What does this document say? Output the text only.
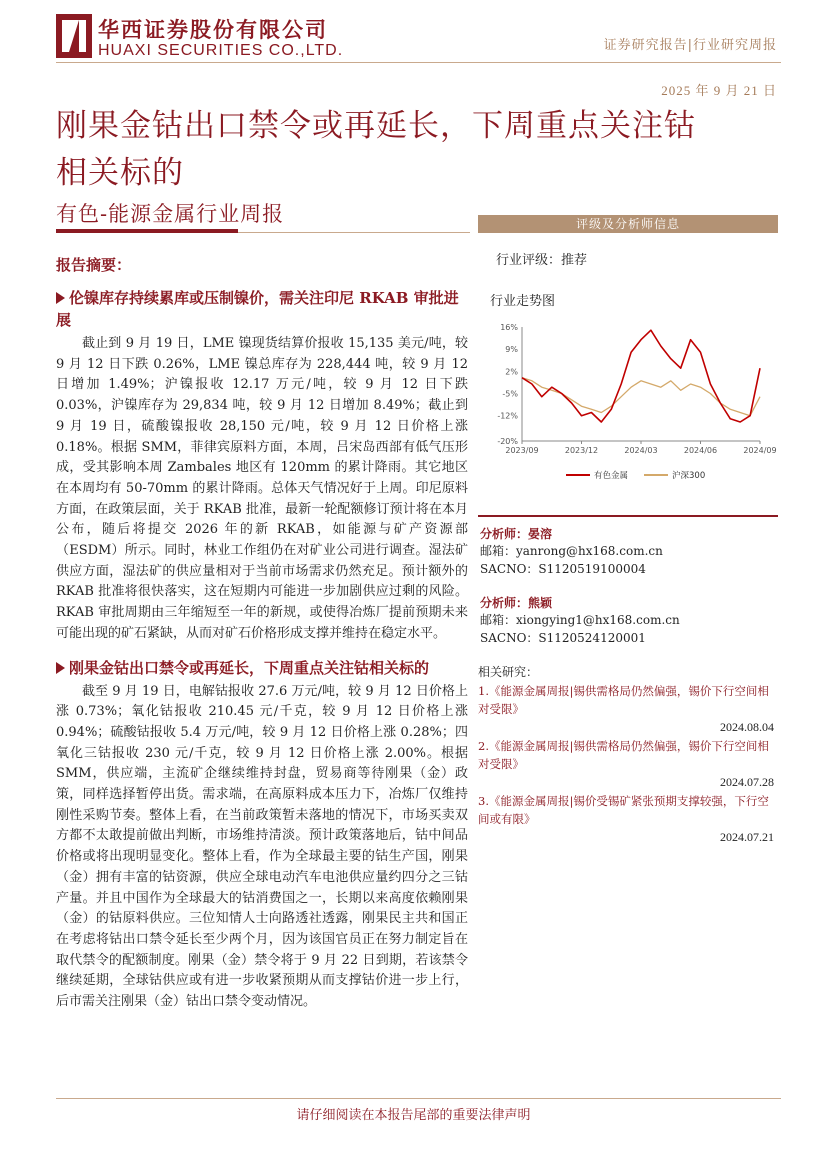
华西证券股份有限公司
HUAXI SECURITIES CO.,LTD.	证券研究报告|行业研究周报
2025 年 9 月 21 日
刚果金钴出口禁令或再延长，下周重点关注钴
相关标的
有色-能源金属行业周报
报告摘要：
伦镍库存持续累库或压制镍价，需关注印尼 RKAB 审批进展

截止到 9 月 19 日，LME 镍现货结算价报收 15,135 美元/吨，较 9 月 12 日下跌 0.26%，LME 镍总库存为 228,444 吨，较 9 月 12 日增加 1.49%；沪镍报收 12.17 万元/吨，较 9 月 12 日下跌 0.03%，沪镍库存为 29,834 吨，较 9 月 12 日增加 8.49%；截止到 9 月 19 日，硫酸镍报收 28,150 元/吨，较 9 月 12 日价格上涨 0.18%。根据 SMM，菲律宾原料方面，本周，吕宋岛西部有低气压形成，受其影响本周 Zambales 地区有 120mm 的累计降雨。其它地区在本周均有 50-70mm 的累计降雨。总体天气情况好于上周。印尼原料方面，在政策层面，关于 RKAB 批准，最新一轮配额修订预计将在本月公布，随后将提交 2026 年的新 RKAB，如能源与矿产资源部（ESDM）所示。同时，林业工作组仍在对矿业公司进行调查。湿法矿供应方面，湿法矿的供应量相对于当前市场需求仍然充足。预计额外的 RKAB 批准将很快落实，这在短期内可能进一步加剧供应过剩的风险。RKAB 审批周期由三年缩短至一年的新规，或使得冶炼厂提前预期未来可能出现的矿石紧缺，从而对矿石价格形成支撑并维持在稳定水平。

刚果金钴出口禁令或再延长，下周重点关注钴相关标的

截至 9 月 19 日，电解钴报收 27.6 万元/吨，较 9 月 12 日价格上涨 0.73%；氧化钴报收 210.45 元/千克，较 9 月 12 日价格上涨 0.94%；硫酸钴报收 5.4 万元/吨，较 9 月 12 日价格上涨 0.28%；四氧化三钴报收 230 元/千克，较 9 月 12 日价格上涨 2.00%。根据 SMM，供应端，主流矿企继续维持封盘，贸易商等待刚果（金）政策，同样选择暂停出货。需求端，在高原料成本压力下，冶炼厂仅维持刚性采购节奏。整体上看，在当前政策暂未落地的情况下，市场买卖双方都不太敢提前做出判断，市场维持清淡。预计政策落地后，钴中间品价格或将出现明显变化。整体上看，作为全球最主要的钴生产国，刚果（金）拥有丰富的钴资源，供应全球电动汽车电池供应量约四分之三钴产量。并且中国作为全球最大的钴消费国之一，长期以来高度依赖刚果（金）的钴原料供应。三位知情人士向路透社透露，刚果民主共和国正在考虑将钴出口禁令延长至少两个月，因为该国官员正在努力制定旨在取代禁令的配额制度。刚果（金）禁令将于 9 月 22 日到期，若该禁令继续延期，全球钴供应或有进一步收紧预期从而支撑钴价进一步上行，后市需关注刚果（金）钴出口禁令变动情况。

评级及分析师信息
行业评级：推荐
行业走势图
16%
9%
2%
-5%
-12%
-20%
2023/09	2023/12	2024/03	2024/06	2024/09
有色金属	沪深300
分析师：晏溶
邮箱：yanrong@hx168.com.cn
SACNO：S1120519100004
分析师：熊颖
邮箱：xiongying1@hx168.com.cn
SACNO：S1120524120001
相关研究：
1.《能源金属周报|锡供需格局仍然偏强，锡价下行空间相对受限》
2024.08.04
2.《能源金属周报|锡供需格局仍然偏强，锡价下行空间相对受限》
2024.07.28
3.《能源金属周报|锡价受锡矿紧张预期支撑较强，下行空间或有限》
2024.07.21
请仔细阅读在本报告尾部的重要法律声明
